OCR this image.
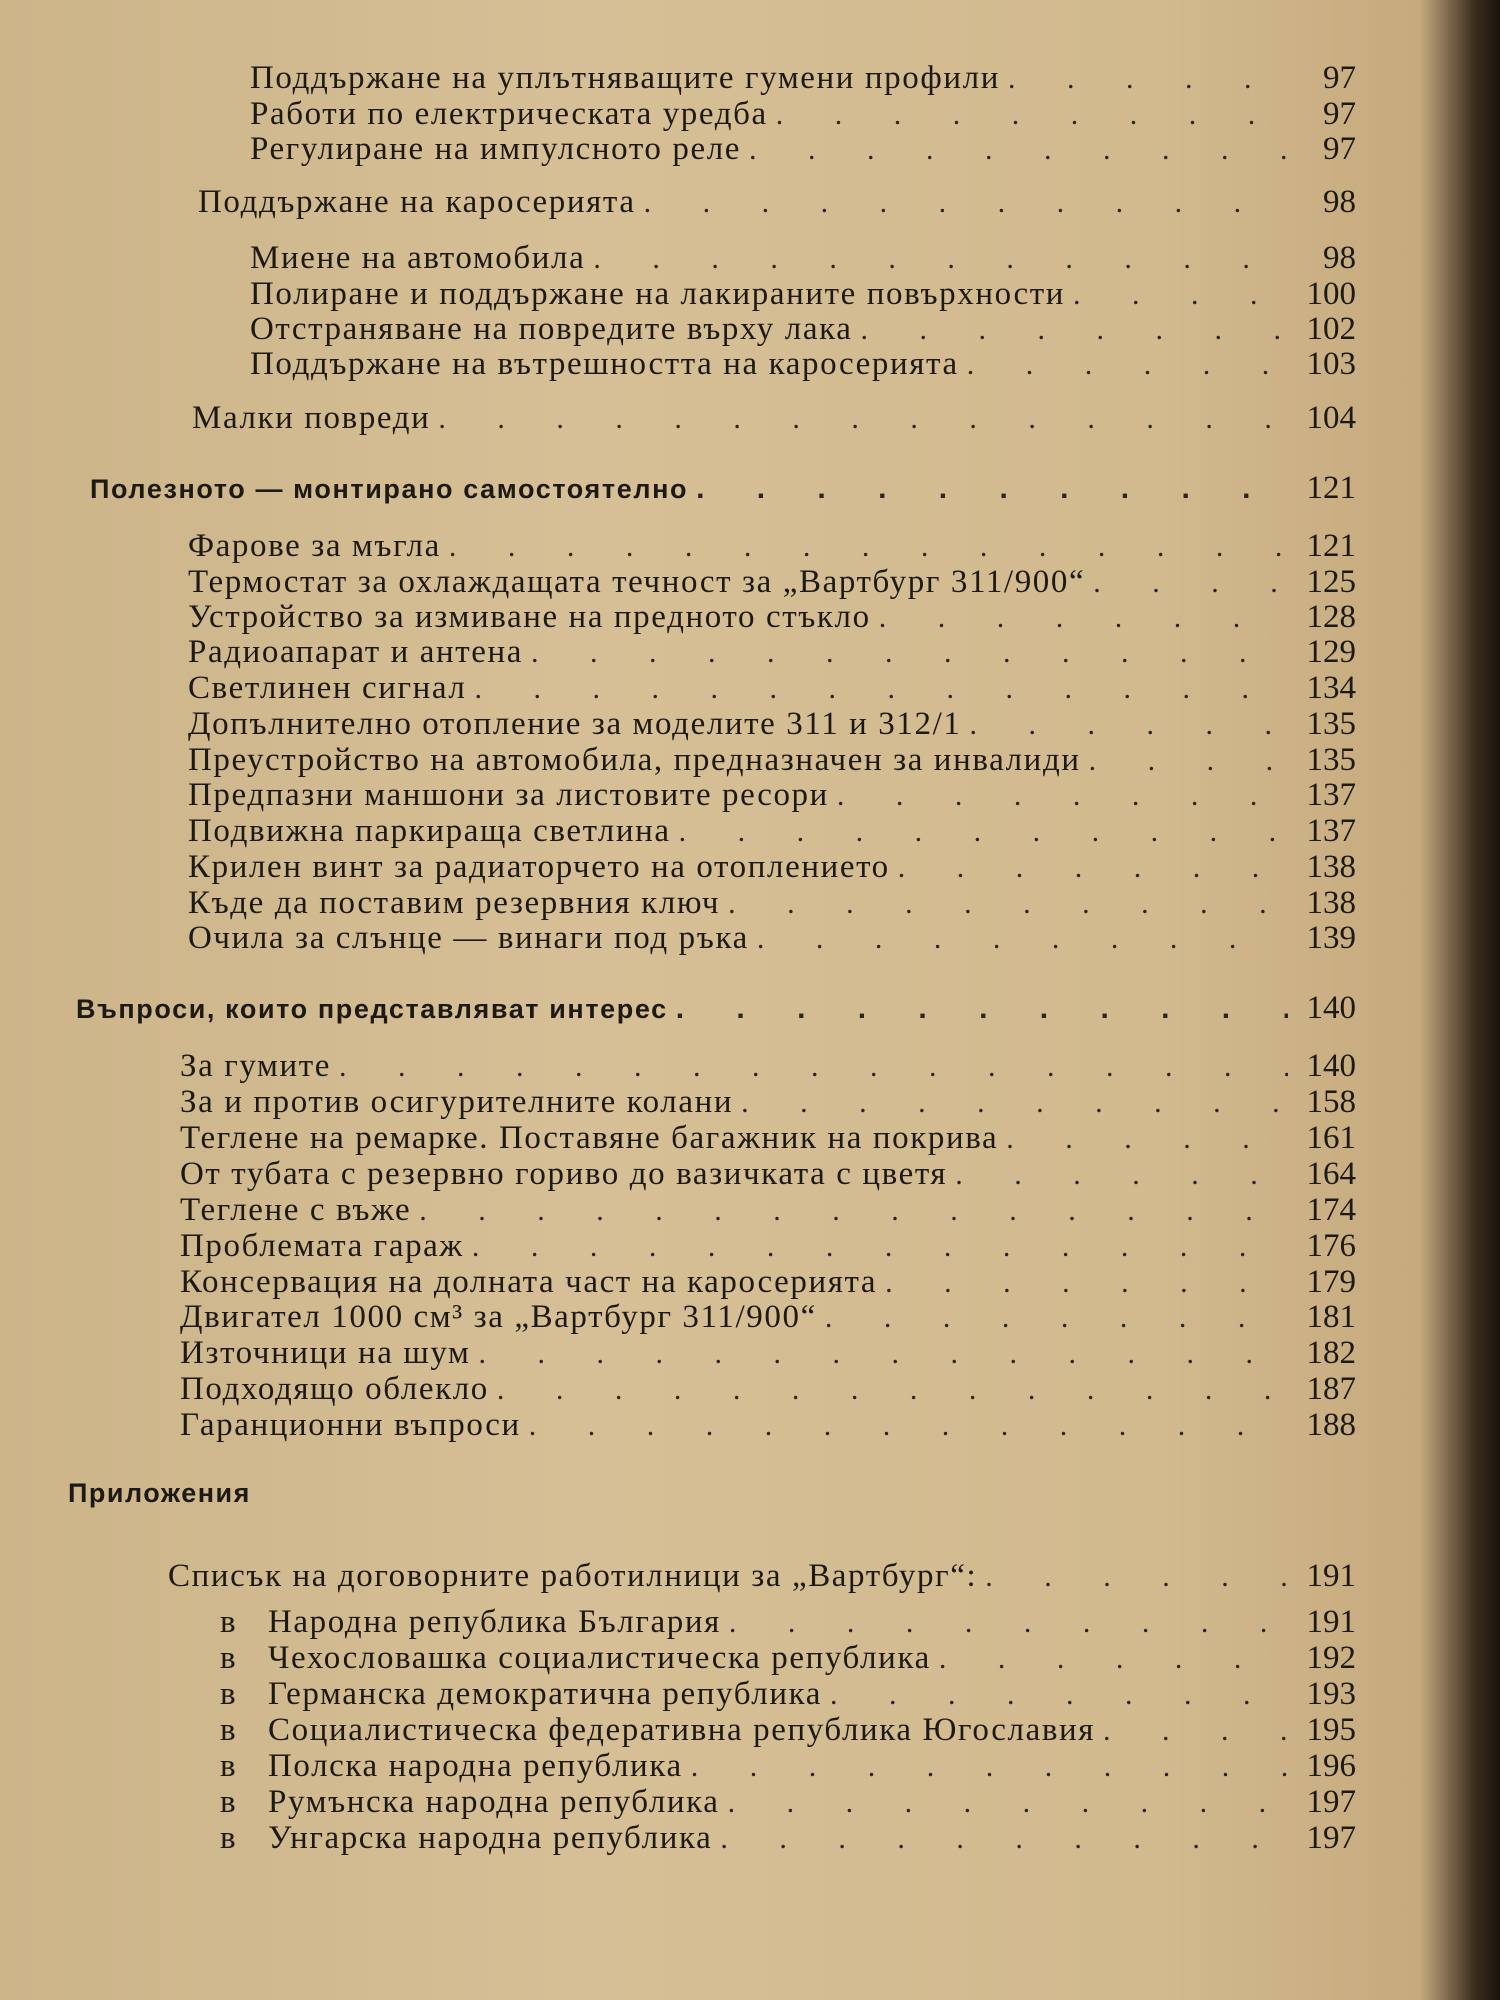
Поддържане на уплътняващите гумени профили . . .	97
Работи по електрическата уредба . . .	97
Регулиране на импулсното реле . . .	97
Поддържане на каросерията . . .	98
Миене на автомобила . . .	98
Полиране и поддържане на лакираните повърхности . . .	100
Отстраняване на повредите върху лака . . .	102
Поддържане на вътрешността на каросерията . . .	103
Малки повреди . . .	104
Полезното — монтирано самостоятелно . . .	121
Фарове за мъгла . . .	121
Термостат за охлаждащата течност за „Вартбург 311/900“ . . .	125
Устройство за измиване на предното стъкло . . .	128
Радиоапарат и антена . . .	129
Светлинен сигнал . . .	134
Допълнително отопление за моделите 311 и 312/1 . . .	135
Преустройство на автомобила, предназначен за инвалиди . . .	135
Предпазни маншони за листовите ресори . . .	137
Подвижна паркираща светлина . . .	137
Крилен винт за радиаторчето на отоплението . . .	138
Къде да поставим резервния ключ . . .	138
Очила за слънце — винаги под ръка . . .	139
Въпроси, които представляват интерес . . .	140
За гумите . . .	140
За и против осигурителните колани . . .	158
Теглене на ремарке. Поставяне багажник на покрива . . .	161
От тубата с резервно гориво до вазичката с цветя . . .	164
Теглене с въже . . .	174
Проблемата гараж . . .	176
Консервация на долната част на каросерията . . .	179
Двигател 1000 см³ за „Вартбург 311/900“ . . .	181
Източници на шум . . .	182
Подходящо облекло . . .	187
Гаранционни въпроси . . .	188
Приложения
Списък на договорните работилници за „Вартбург“: . . .	191
в Народна република България . . .	191
в Чехословашка социалистическа република . . .	192
в Германска демократична република . . .	193
в Социалистическа федеративна република Югославия . . .	195
в Полска народна република . . .	196
в Румънска народна република . . .	197
в Унгарска народна република . . .	197
